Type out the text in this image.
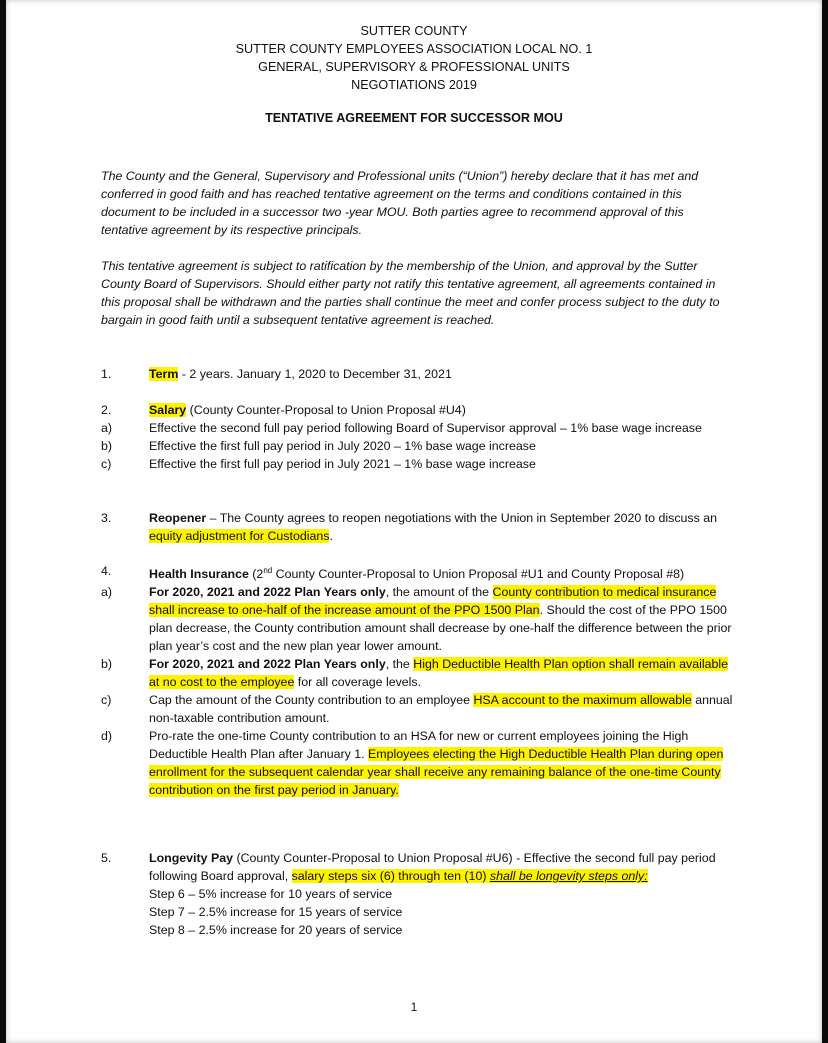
SUTTER COUNTY
SUTTER COUNTY EMPLOYEES ASSOCIATION LOCAL NO. 1
GENERAL, SUPERVISORY & PROFESSIONAL UNITS
NEGOTIATIONS 2019
TENTATIVE AGREEMENT FOR SUCCESSOR MOU
The County and the General, Supervisory and Professional units (“Union”) hereby declare that it has met and conferred in good faith and has reached tentative agreement on the terms and conditions contained in this document to be included in a successor two -year MOU. Both parties agree to recommend approval of this tentative agreement by its respective principals.
This tentative agreement is subject to ratification by the membership of the Union, and approval by the Sutter County Board of Supervisors. Should either party not ratify this tentative agreement, all agreements contained in this proposal shall be withdrawn and the parties shall continue the meet and confer process subject to the duty to bargain in good faith until a subsequent tentative agreement is reached.
1.	Term - 2 years. January 1, 2020 to December 31, 2021
2.	Salary (County Counter-Proposal to Union Proposal #U4)
a)	Effective the second full pay period following Board of Supervisor approval – 1% base wage increase
b)	Effective the first full pay period in July 2020 – 1% base wage increase
c)	Effective the first full pay period in July 2021 – 1% base wage increase
3.	Reopener – The County agrees to reopen negotiations with the Union in September 2020 to discuss an equity adjustment for Custodians.
4.	Health Insurance (2nd County Counter-Proposal to Union Proposal #U1 and County Proposal #8)
a)	For 2020, 2021 and 2022 Plan Years only, the amount of the County contribution to medical insurance shall increase to one-half of the increase amount of the PPO 1500 Plan. Should the cost of the PPO 1500 plan decrease, the County contribution amount shall decrease by one-half the difference between the prior plan year’s cost and the new plan year lower amount.
b)	For 2020, 2021 and 2022 Plan Years only, the High Deductible Health Plan option shall remain available at no cost to the employee for all coverage levels.
c)	Cap the amount of the County contribution to an employee HSA account to the maximum allowable annual non-taxable contribution amount.
d)	Pro-rate the one-time County contribution to an HSA for new or current employees joining the High Deductible Health Plan after January 1. Employees electing the High Deductible Health Plan during open enrollment for the subsequent calendar year shall receive any remaining balance of the one-time County contribution on the first pay period in January.
5.	Longevity Pay (County Counter-Proposal to Union Proposal #U6) - Effective the second full pay period following Board approval, salary steps six (6) through ten (10) shall be longevity steps only:
Step 6 – 5% increase for 10 years of service
Step 7 – 2.5% increase for 15 years of service
Step 8 – 2.5% increase for 20 years of service
1
